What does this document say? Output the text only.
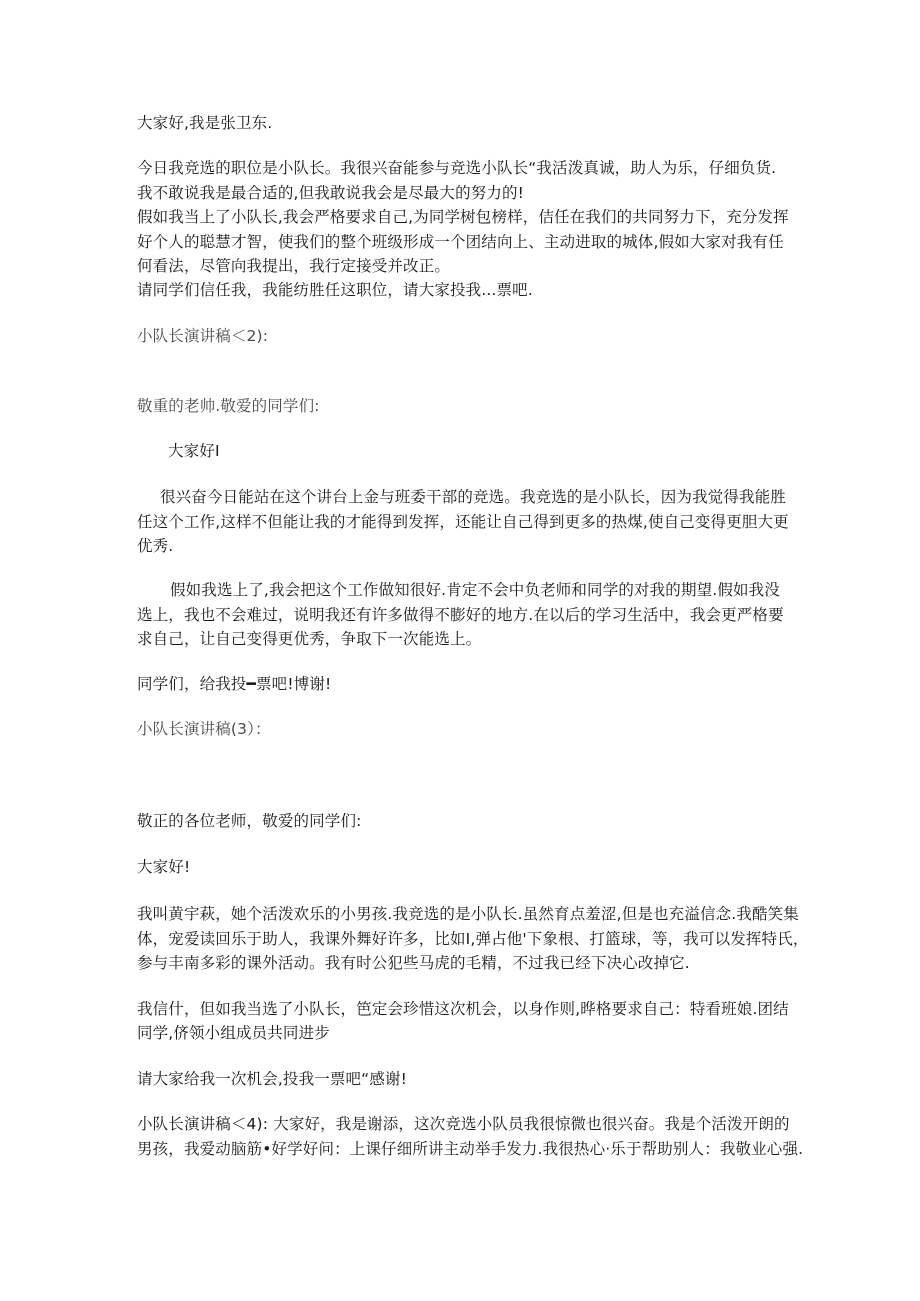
大家好,我是张卫东.
今日我竞选的职位是小队长。我很兴奋能参与竞选小队长“我活泼真诚，助人为乐，仔细负货.
我不敢说我是最合适的,但我敢说我会是尽最大的努力的!
假如我当上了小队长,我会严格要求自己,为同学树包榜样，佶任在我们的共同努力下，充分发挥
好个人的聪慧才智，使我们的整个班级形成一个团结向上、主动进取的城体,假如大家对我有任
何看法，尽管向我提出，我行定接受并改正。
请同学们信任我，我能纺胜任这职位，请大家投我...票吧.
小队长演讲稿＜2):
敬重的老帅.敬爱的同学们:
大家好I
很兴奋今日能站在这个讲台上金与班委干部的竞选。我竞选的是小队长，因为我觉得我能胜
任这个工作,这样不但能让我的才能得到发挥，还能让自己得到更多的热煤,使自己变得更胆大更
优秀.
假如我选上了,我会把这个工作做知很好.肯定不会中负老师和同学的对我的期望.假如我没
选上，我也不会难过，说明我还有许多做得不膨好的地方.在以后的学习生活中，我会更严格要
求自己，让自己变得更优秀，争取下一次能选上。
同学们，给我投━票吧!博谢!
小队长演讲稿(3）：
敬正的各位老师，敬爱的同学们:
大家好!
我叫黄宇萩，她个活泼欢乐的小男孩.我竞选的是小队长.虽然育点羞涩,但是也充溢信念.我酷笑集
体，宠爱读回乐于助人，我课外舞好许多，比如I,弹占他'下象根、打篮球，等，我可以发挥特氏，
参与丰南多彩的课外活动。我有时公犯些马虎的毛精，不过我已经下决心改掉它.
我信什，但如我当选了小队长，笆定会珍惜这次机会，以身作则,晔格要求自己：特看班娘.团结
同学,侪领小组成员共同进步
请大家给我一次机会,投我一票吧“感谢!
小队长演讲稿＜4): 大家好，我是谢添，这次竞选小队员我很惊微也很兴奋。我是个活泼开朗的
男孩，我爱动脑筋•好学好问：上课仔细所讲主动举手发力.我很热心·乐于帮助别人：我敬业心强.
